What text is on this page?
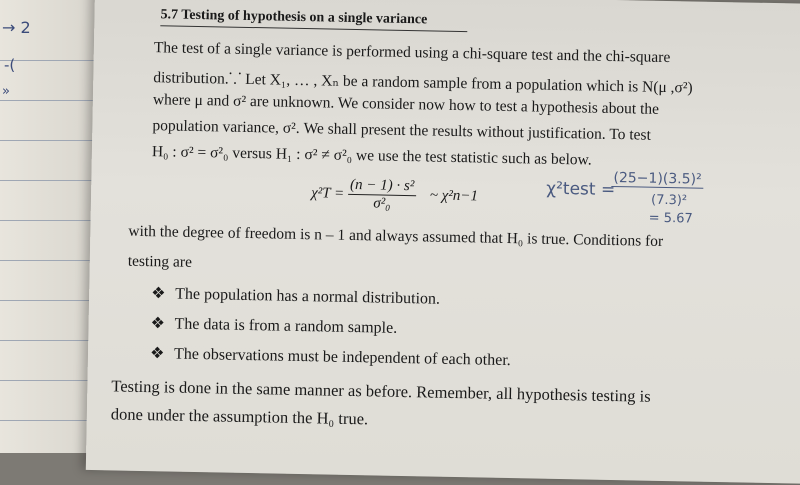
→ 2
-(
»
5.7 Testing of hypothesis on a single variance
The test of a single variance is performed using a chi-square test and the chi-square
distribution.⸪ Let X₁, … , Xₙ be a random sample from a population which is N(μ ,σ²)
where μ and σ² are unknown. We consider now how to test a hypothesis about the
population variance, σ². We shall present the results without justification. To test
H₀ : σ² = σ²₀ versus H₁ : σ² ≠ σ²₀ we use the test statistic such as below.
$\chi^2T = \frac{\text{(n − 1) · s²}}{\text{σ²₀}}$ ~ χ²n−1	χ²test =
(25−1)(3.5)²
(7.3)²
= 5.67
with the degree of freedom is n – 1 and always assumed that H₀ is true. Conditions for
testing are
❖ The population has a normal distribution.
❖ The data is from a random sample.
❖ The observations must be independent of each other.
Testing is done in the same manner as before. Remember, all hypothesis testing is
done under the assumption the H₀ true.
